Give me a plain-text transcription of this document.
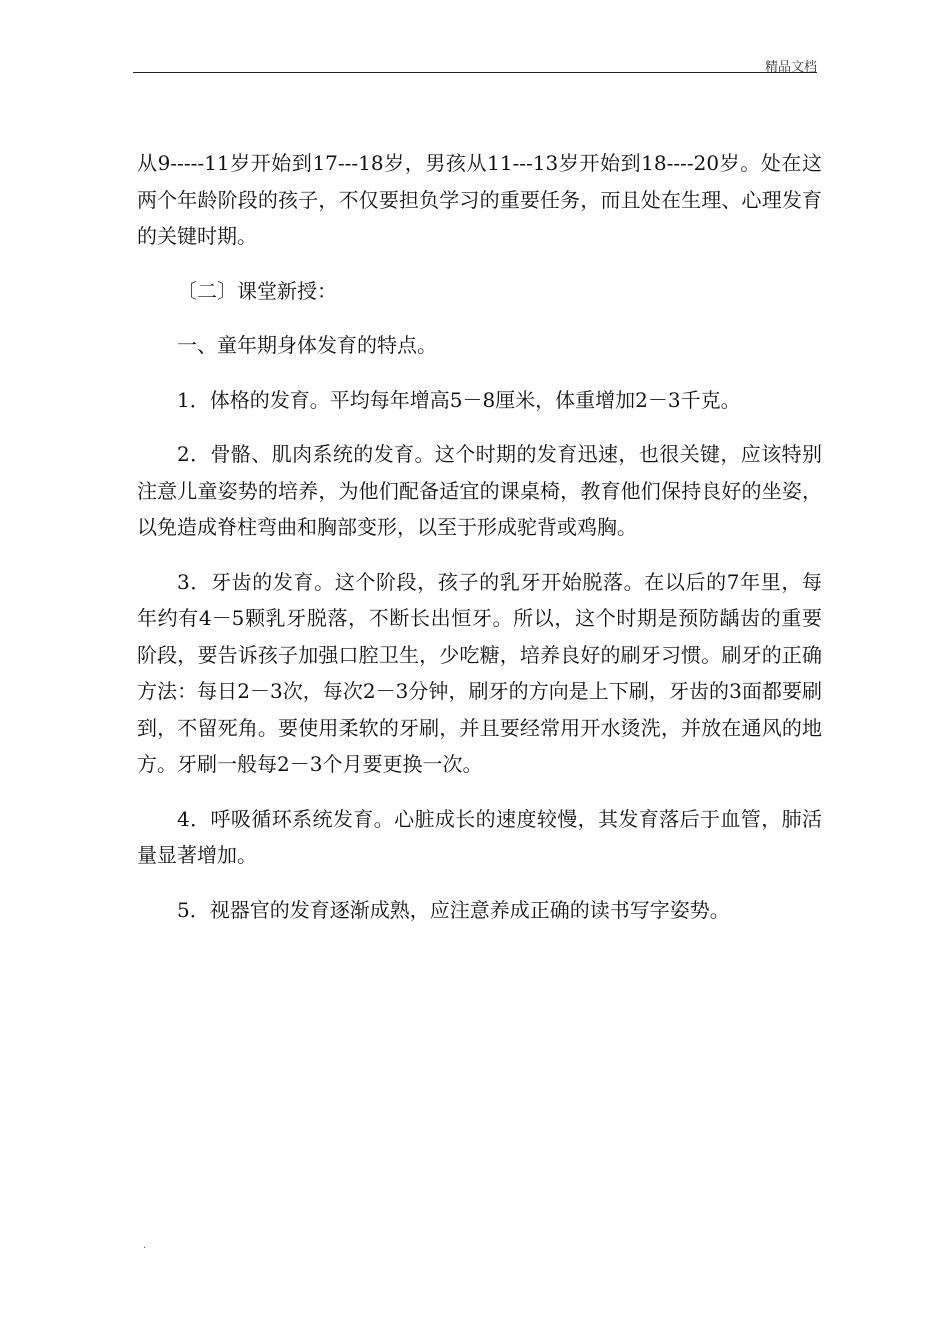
精品文档

从9-----11岁开始到17---18岁，男孩从11---13岁开始到18----20岁。处在这两个年龄阶段的孩子，不仅要担负学习的重要任务，而且处在生理、心理发育的关键时期。

〔二〕课堂新授：

一、童年期身体发育的特点。

1．体格的发育。平均每年增高5－8厘米，体重增加2－3千克。

2．骨骼、肌肉系统的发育。这个时期的发育迅速，也很关键，应该特别注意儿童姿势的培养，为他们配备适宜的课桌椅，教育他们保持良好的坐姿，以免造成脊柱弯曲和胸部变形，以至于形成驼背或鸡胸。

3．牙齿的发育。这个阶段，孩子的乳牙开始脱落。在以后的7年里，每年约有4－5颗乳牙脱落，不断长出恒牙。所以，这个时期是预防龋齿的重要阶段，要告诉孩子加强口腔卫生，少吃糖，培养良好的刷牙习惯。刷牙的正确方法：每日2－3次，每次2－3分钟，刷牙的方向是上下刷，牙齿的3面都要刷到，不留死角。要使用柔软的牙刷，并且要经常用开水烫洗，并放在通风的地方。牙刷一般每2－3个月要更换一次。

4．呼吸循环系统发育。心脏成长的速度较慢，其发育落后于血管，肺活量显著增加。

5．视器官的发育逐渐成熟，应注意养成正确的读书写字姿势。

.
